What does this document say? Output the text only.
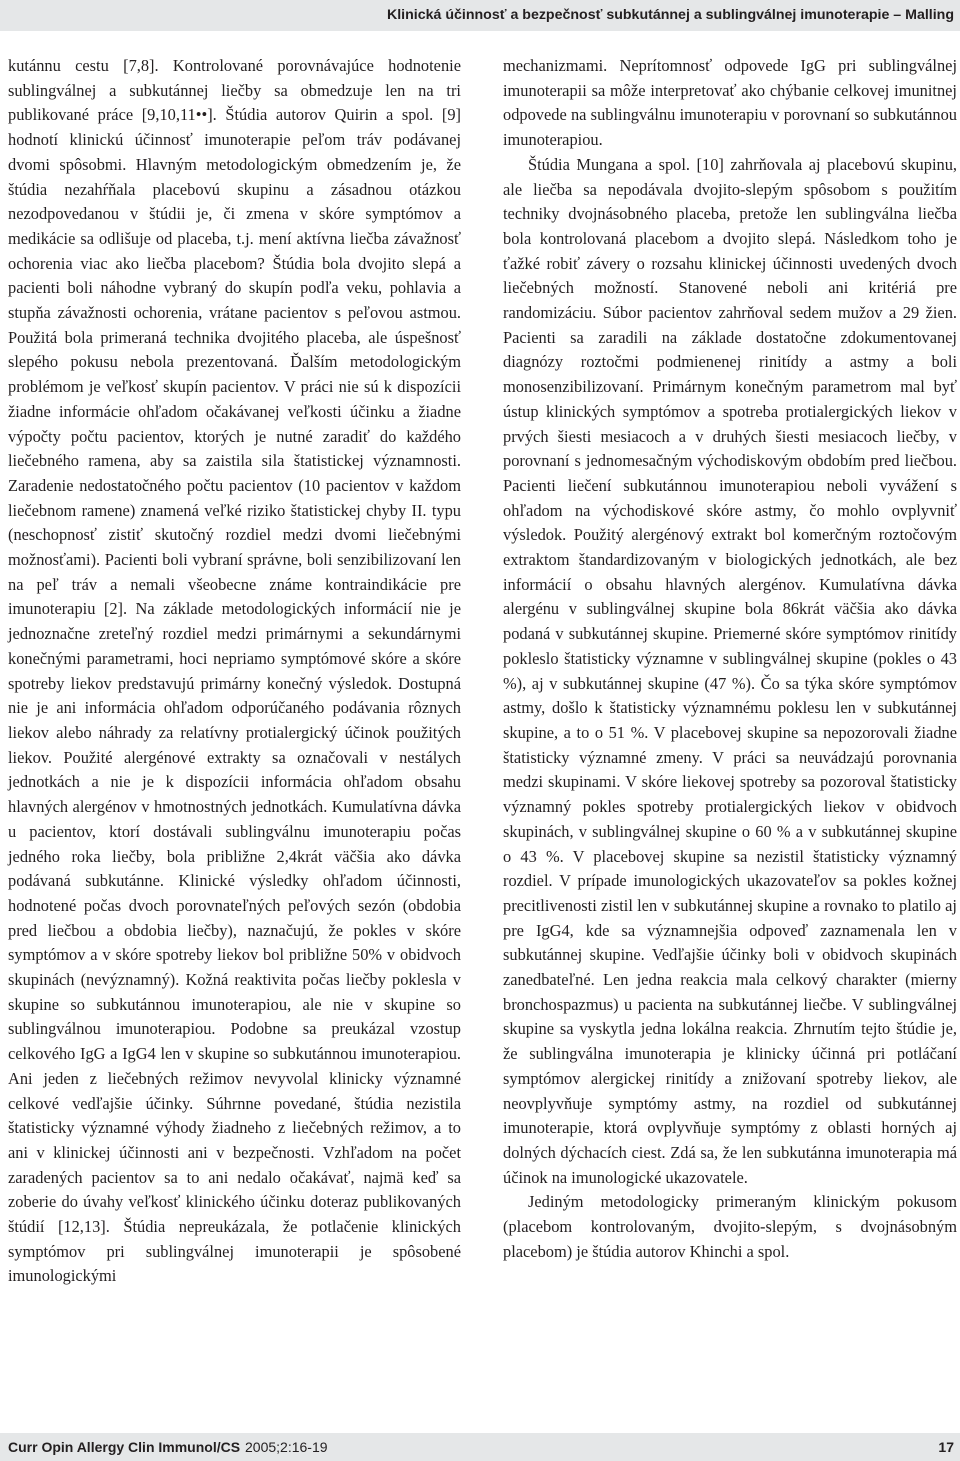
Klinická účinnosť a bezpečnosť subkutánnej a sublingválnej imunoterapie – Malling

kutánnu cestu [7,8]. Kontrolované porovnávajúce hodnotenie sublingválnej a subkutánnej liečby sa obmedzuje len na tri publikované práce [9,10,11••]. Štúdia autorov Quirin a spol. [9] hodnotí klinickú účinnosť imunoterapie peľom tráv podávanej dvomi spôsobmi. Hlavným metodologickým obmedzením je, že štúdia nezahŕňala placebovú skupinu a zásadnou otázkou nezodpovedanou v štúdii je, či zmena v skóre symptómov a medikácie sa odlišuje od placeba, t.j. mení aktívna liečba závažnosť ochorenia viac ako liečba placebom? Štúdia bola dvojito slepá a pacienti boli náhodne vybraný do skupín podľa veku, pohlavia a stupňa závažnosti ochorenia, vrátane pacientov s peľovou astmou. Použitá bola primeraná technika dvojitého placeba, ale úspešnosť slepého pokusu nebola prezentovaná. Ďalším metodologickým problémom je veľkosť skupín pacientov. V práci nie sú k dispozícii žiadne informácie ohľadom očakávanej veľkosti účinku a žiadne výpočty počtu pacientov, ktorých je nutné zaradiť do každého liečebného ramena, aby sa zaistila sila štatistickej významnosti. Zaradenie nedostatočného počtu pacientov (10 pacientov v každom liečebnom ramene) znamená veľké riziko štatistickej chyby II. typu (neschopnosť zistiť skutočný rozdiel medzi dvomi liečebnými možnosťami). Pacienti boli vybraní správne, boli senzibilizovaní len na peľ tráv a nemali všeobecne známe kontraindikácie pre imunoterapiu [2]. Na základe metodologických informácií nie je jednoznačne zreteľný rozdiel medzi primárnymi a sekundárnymi konečnými parametrami, hoci nepriamo symptómové skóre a skóre spotreby liekov predstavujú primárny konečný výsledok. Dostupná nie je ani informácia ohľadom odporúčaného podávania rôznych liekov alebo náhrady za relatívny protialergický účinok použitých liekov. Použité alergénové extrakty sa označovali v nestálych jednotkách a nie je k dispozícii informácia ohľadom obsahu hlavných alergénov v hmotnostných jednotkách. Kumulatívna dávka u pacientov, ktorí dostávali sublingválnu imunoterapiu počas jedného roka liečby, bola približne 2,4krát väčšia ako dávka podávaná subkutánne. Klinické výsledky ohľadom účinnosti, hodnotené počas dvoch porovnateľných peľových sezón (obdobia pred liečbou a obdobia liečby), naznačujú, že pokles v skóre symptómov a v skóre spotreby liekov bol približne 50% v obidvoch skupinách (nevýznamný). Kožná reaktivita počas liečby poklesla v skupine so subkutánnou imunoterapiou, ale nie v skupine so sublingválnou imunoterapiou. Podobne sa preukázal vzostup celkového IgG a IgG4 len v skupine so subkutánnou imunoterapiou. Ani jeden z liečebných režimov nevyvolal klinicky významné celkové vedľajšie účinky. Súhrnne povedané, štúdia nezistila štatisticky významné výhody žiadneho z liečebných režimov, a to ani v klinickej účinnosti ani v bezpečnosti. Vzhľadom na počet zaradených pacientov sa to ani nedalo očakávať, najmä keď sa zoberie do úvahy veľkosť klinického účinku doteraz publikovaných štúdií [12,13]. Štúdia nepreukázala, že potlačenie klinických symptómov pri sublingválnej imunoterapii je spôsobené imunologickými

mechanizmami. Neprítomnosť odpovede IgG pri sublingválnej imunoterapii sa môže interpretovať ako chýbanie celkovej imunitnej odpovede na sublingválnu imunoterapiu v porovnaní so subkutánnou imunoterapiou.

Štúdia Mungana a spol. [10] zahrňovala aj placebovú skupinu, ale liečba sa nepodávala dvojito-slepým spôsobom s použitím techniky dvojnásobného placeba, pretože len sublingválna liečba bola kontrolovaná placebom a dvojito slepá. Následkom toho je ťažké robiť závery o rozsahu klinickej účinnosti uvedených dvoch liečebných možností. Stanovené neboli ani kritériá pre randomizáciu. Súbor pacientov zahrňoval sedem mužov a 29 žien. Pacienti sa zaradili na základe dostatočne zdokumentovanej diagnózy roztočmi podmienenej rinitídy a astmy a boli monosenzibilizovaní. Primárnym konečným parametrom mal byť ústup klinických symptómov a spotreba protialergických liekov v prvých šiesti mesiacoch a v druhých šiesti mesiacoch liečby, v porovnaní s jednomesačným východiskovým obdobím pred liečbou. Pacienti liečení subkutánnou imunoterapiou neboli vyvážení s ohľadom na východiskové skóre astmy, čo mohlo ovplyvniť výsledok. Použitý alergénový extrakt bol komerčným roztočovým extraktom štandardizovaným v biologických jednotkách, ale bez informácií o obsahu hlavných alergénov. Kumulatívna dávka alergénu v sublingválnej skupine bola 86krát väčšia ako dávka podaná v subkutánnej skupine. Priemerné skóre symptómov rinitídy pokleslo štatisticky významne v sublingválnej skupine (pokles o 43 %), aj v subkutánnej skupine (47 %). Čo sa týka skóre symptómov astmy, došlo k štatisticky významnému poklesu len v subkutánnej skupine, a to o 51 %. V placebovej skupine sa nepozorovali žiadne štatisticky významné zmeny. V práci sa neuvádzajú porovnania medzi skupinami. V skóre liekovej spotreby sa pozoroval štatisticky významný pokles spotreby protialergických liekov v obidvoch skupinách, v sublingválnej skupine o 60 % a v subkutánnej skupine o 43 %. V placebovej skupine sa nezistil štatisticky významný rozdiel. V prípade imunologických ukazovateľov sa pokles kožnej precitlivenosti zistil len v subkutánnej skupine a rovnako to platilo aj pre IgG4, kde sa významnejšia odpoveď zaznamenala len v subkutánnej skupine. Vedľajšie účinky boli v obidvoch skupinách zanedbateľné. Len jedna reakcia mala celkový charakter (mierny bronchospazmus) u pacienta na subkutánnej liečbe. V sublingválnej skupine sa vyskytla jedna lokálna reakcia. Zhrnutím tejto štúdie je, že sublingválna imunoterapia je klinicky účinná pri potláčaní symptómov alergickej rinitídy a znižovaní spotreby liekov, ale neovplyvňuje symptómy astmy, na rozdiel od subkutánnej imunoterapie, ktorá ovplyvňuje symptómy z oblasti horných aj dolných dýchacích ciest. Zdá sa, že len subkutánna imunoterapia má účinok na imunologické ukazovatele.

Jediným metodologicky primeraným klinickým pokusom (placebom kontrolovaným, dvojito-slepým, s dvojnásobným placebom) je štúdia autorov Khinchi a spol.

Curr Opin Allergy Clin Immunol/CS 2005;2:16-19	17
